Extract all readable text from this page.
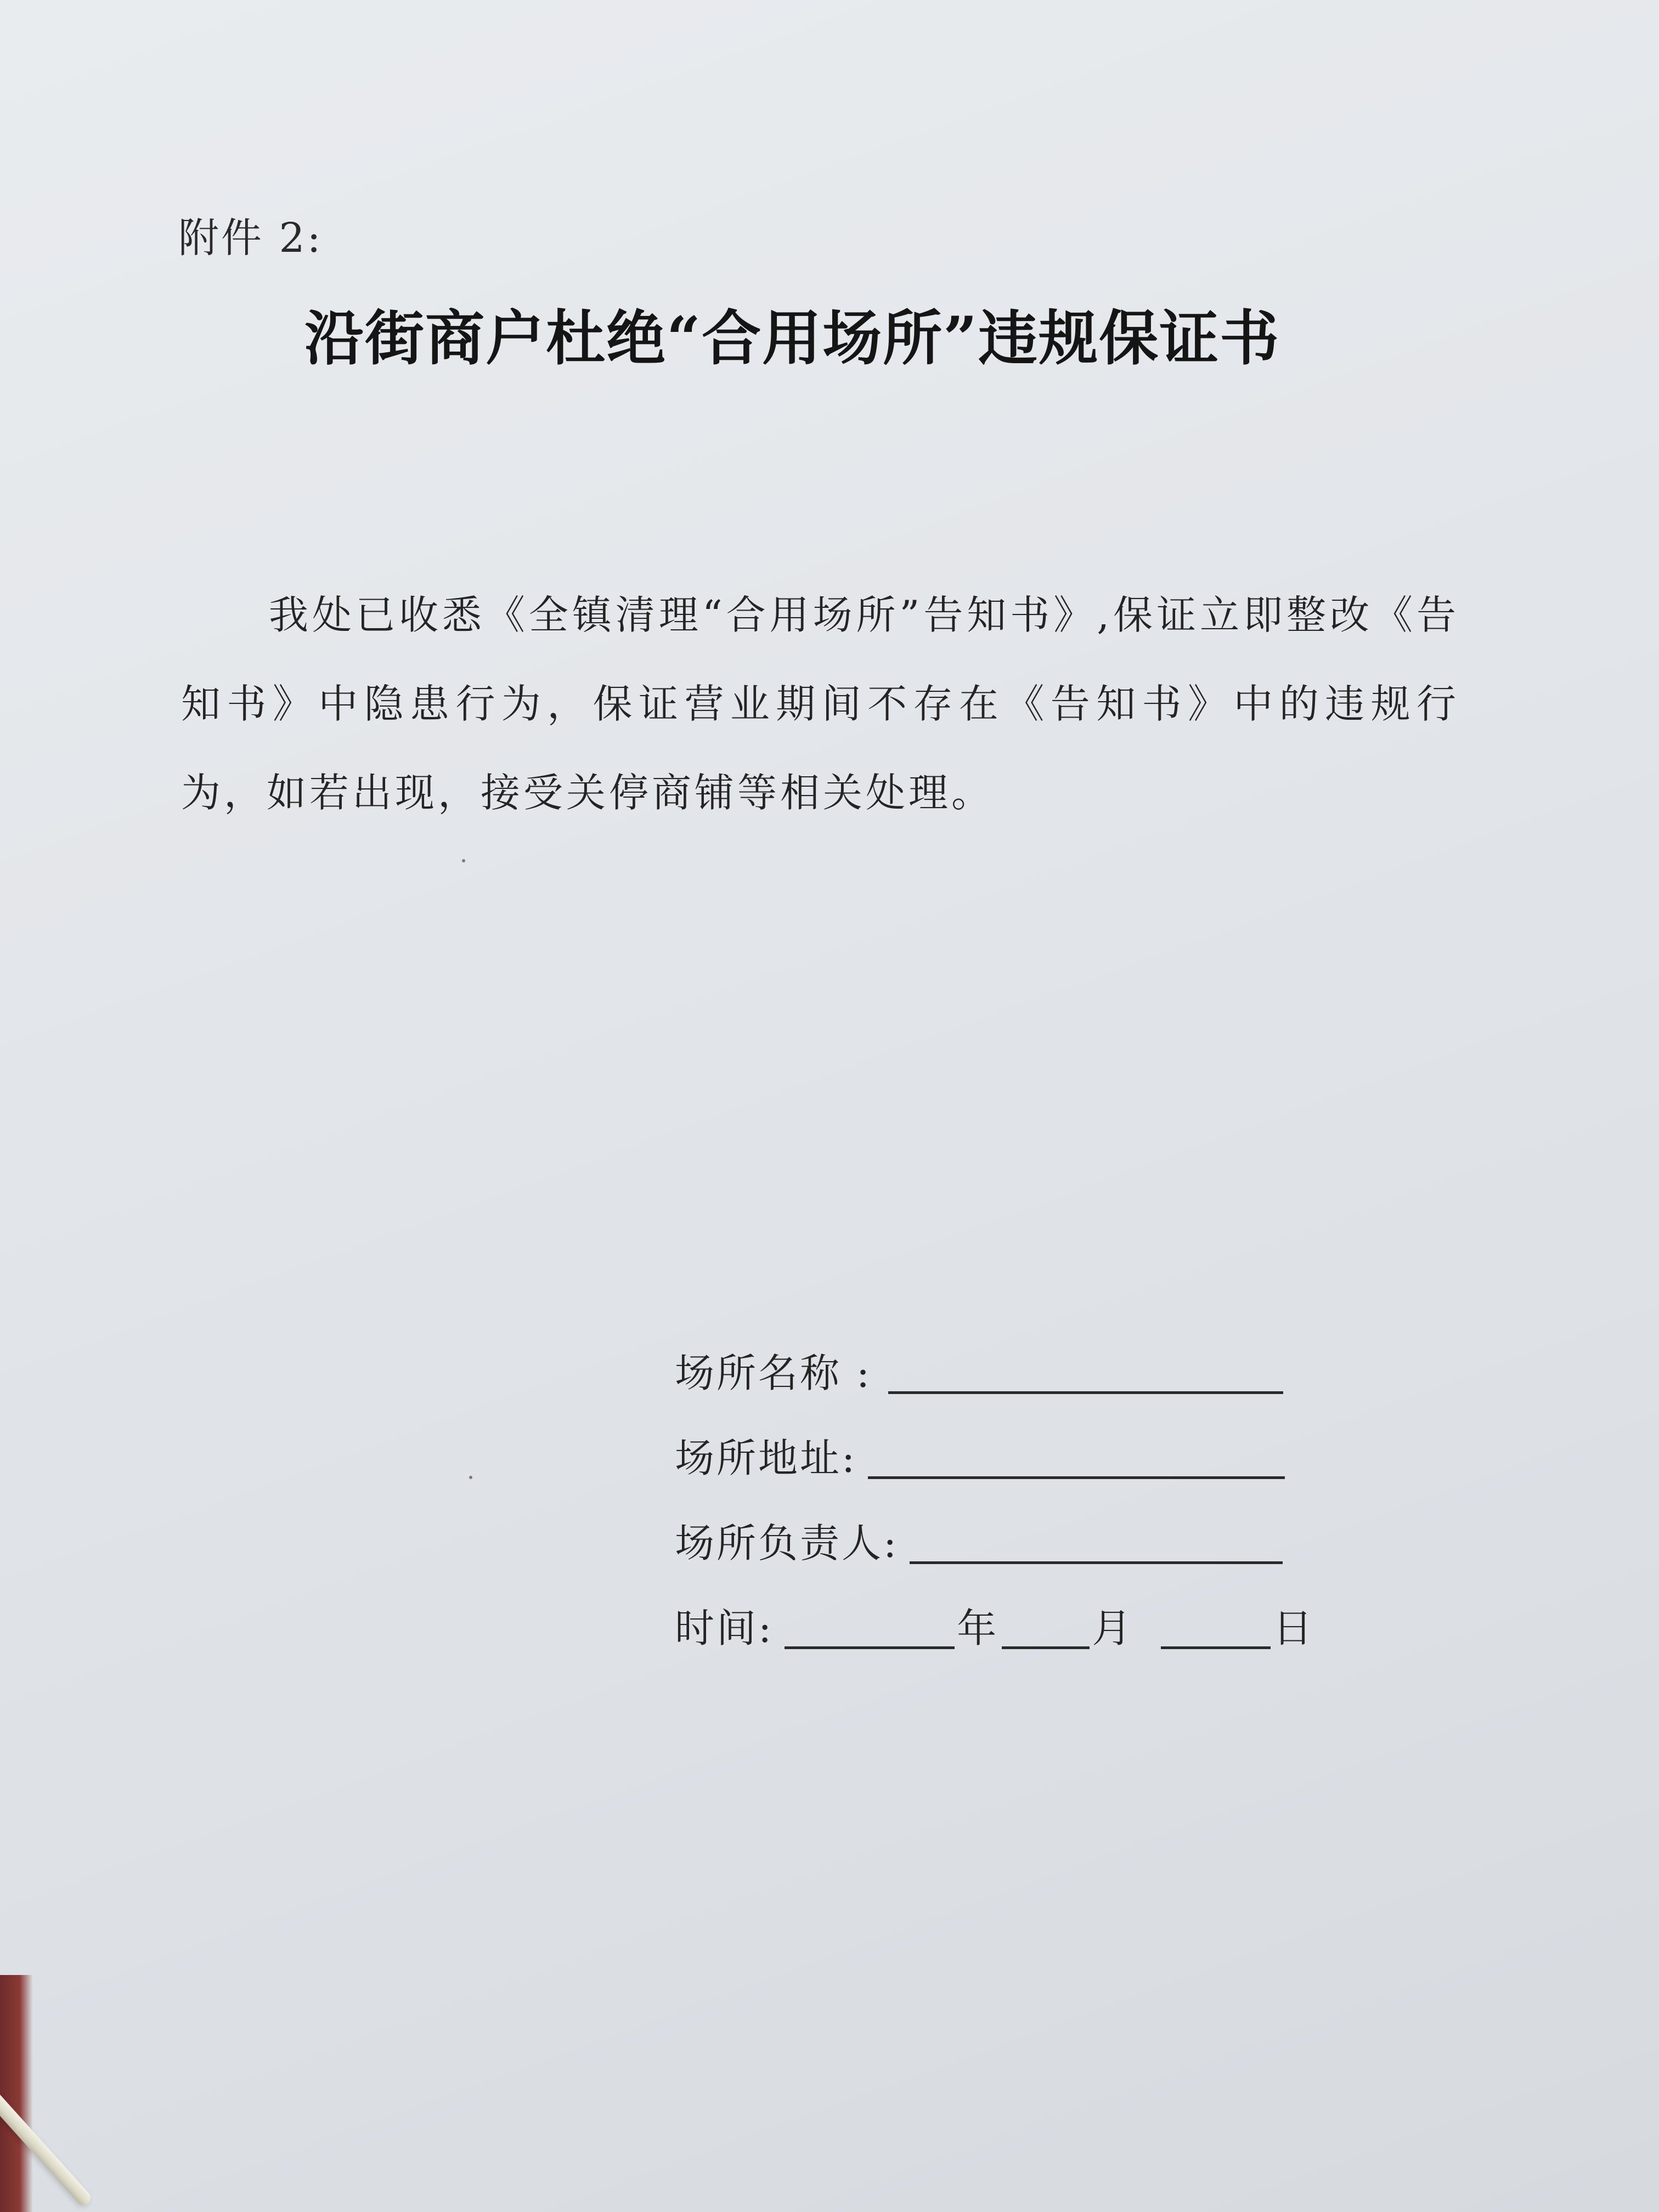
附件 2:
沿街商户杜绝“合用场所”违规保证书
我处已收悉《全镇清理“合用场所”告知书》,保证立即整改《告知书》中隐患行为，保证营业期间不存在《告知书》中的违规行为，如若出现，接受关停商铺等相关处理。
场所名称 :
场所地址:
场所负责人:
时间:	年 月	日
